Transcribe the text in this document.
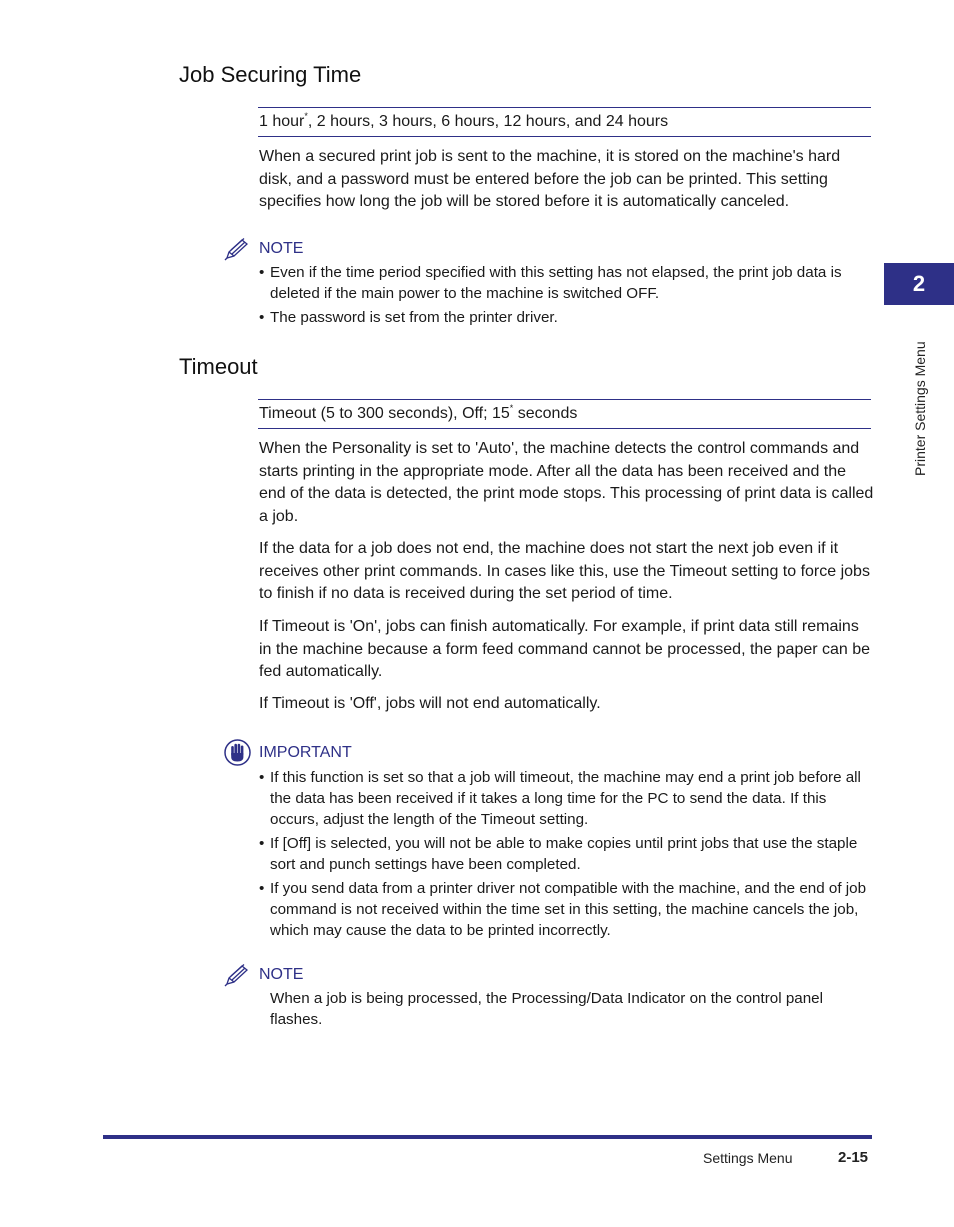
Job Securing Time
1 hour*, 2 hours, 3 hours, 6 hours, 12 hours, and 24 hours

When a secured print job is sent to the machine, it is stored on the machine's hard disk, and a password must be entered before the job can be printed. This setting specifies how long the job will be stored before it is automatically canceled.

NOTE
• Even if the time period specified with this setting has not elapsed, the print job data is deleted if the main power to the machine is switched OFF.
• The password is set from the printer driver.
Timeout
Timeout (5 to 300 seconds), Off; 15* seconds

When the Personality is set to 'Auto', the machine detects the control commands and starts printing in the appropriate mode. After all the data has been received and the end of the data is detected, the print mode stops. This processing of print data is called a job.

If the data for a job does not end, the machine does not start the next job even if it receives other print commands. In cases like this, use the Timeout setting to force jobs to finish if no data is received during the set period of time.

If Timeout is 'On', jobs can finish automatically. For example, if print data still remains in the machine because a form feed command cannot be processed, the paper can be fed automatically.

If Timeout is 'Off', jobs will not end automatically.

IMPORTANT
• If this function is set so that a job will timeout, the machine may end a print job before all the data has been received if it takes a long time for the PC to send the data. If this occurs, adjust the length of the Timeout setting.
• If [Off] is selected, you will not be able to make copies until print jobs that use the staple sort and punch settings have been completed.
• If you send data from a printer driver not compatible with the machine, and the end of job command is not received within the time set in this setting, the machine cancels the job, which may cause the data to be printed incorrectly.
NOTE

When a job is being processed, the Processing/Data Indicator on the control panel flashes.

2
Printer Settings Menu
Settings Menu	2-15
